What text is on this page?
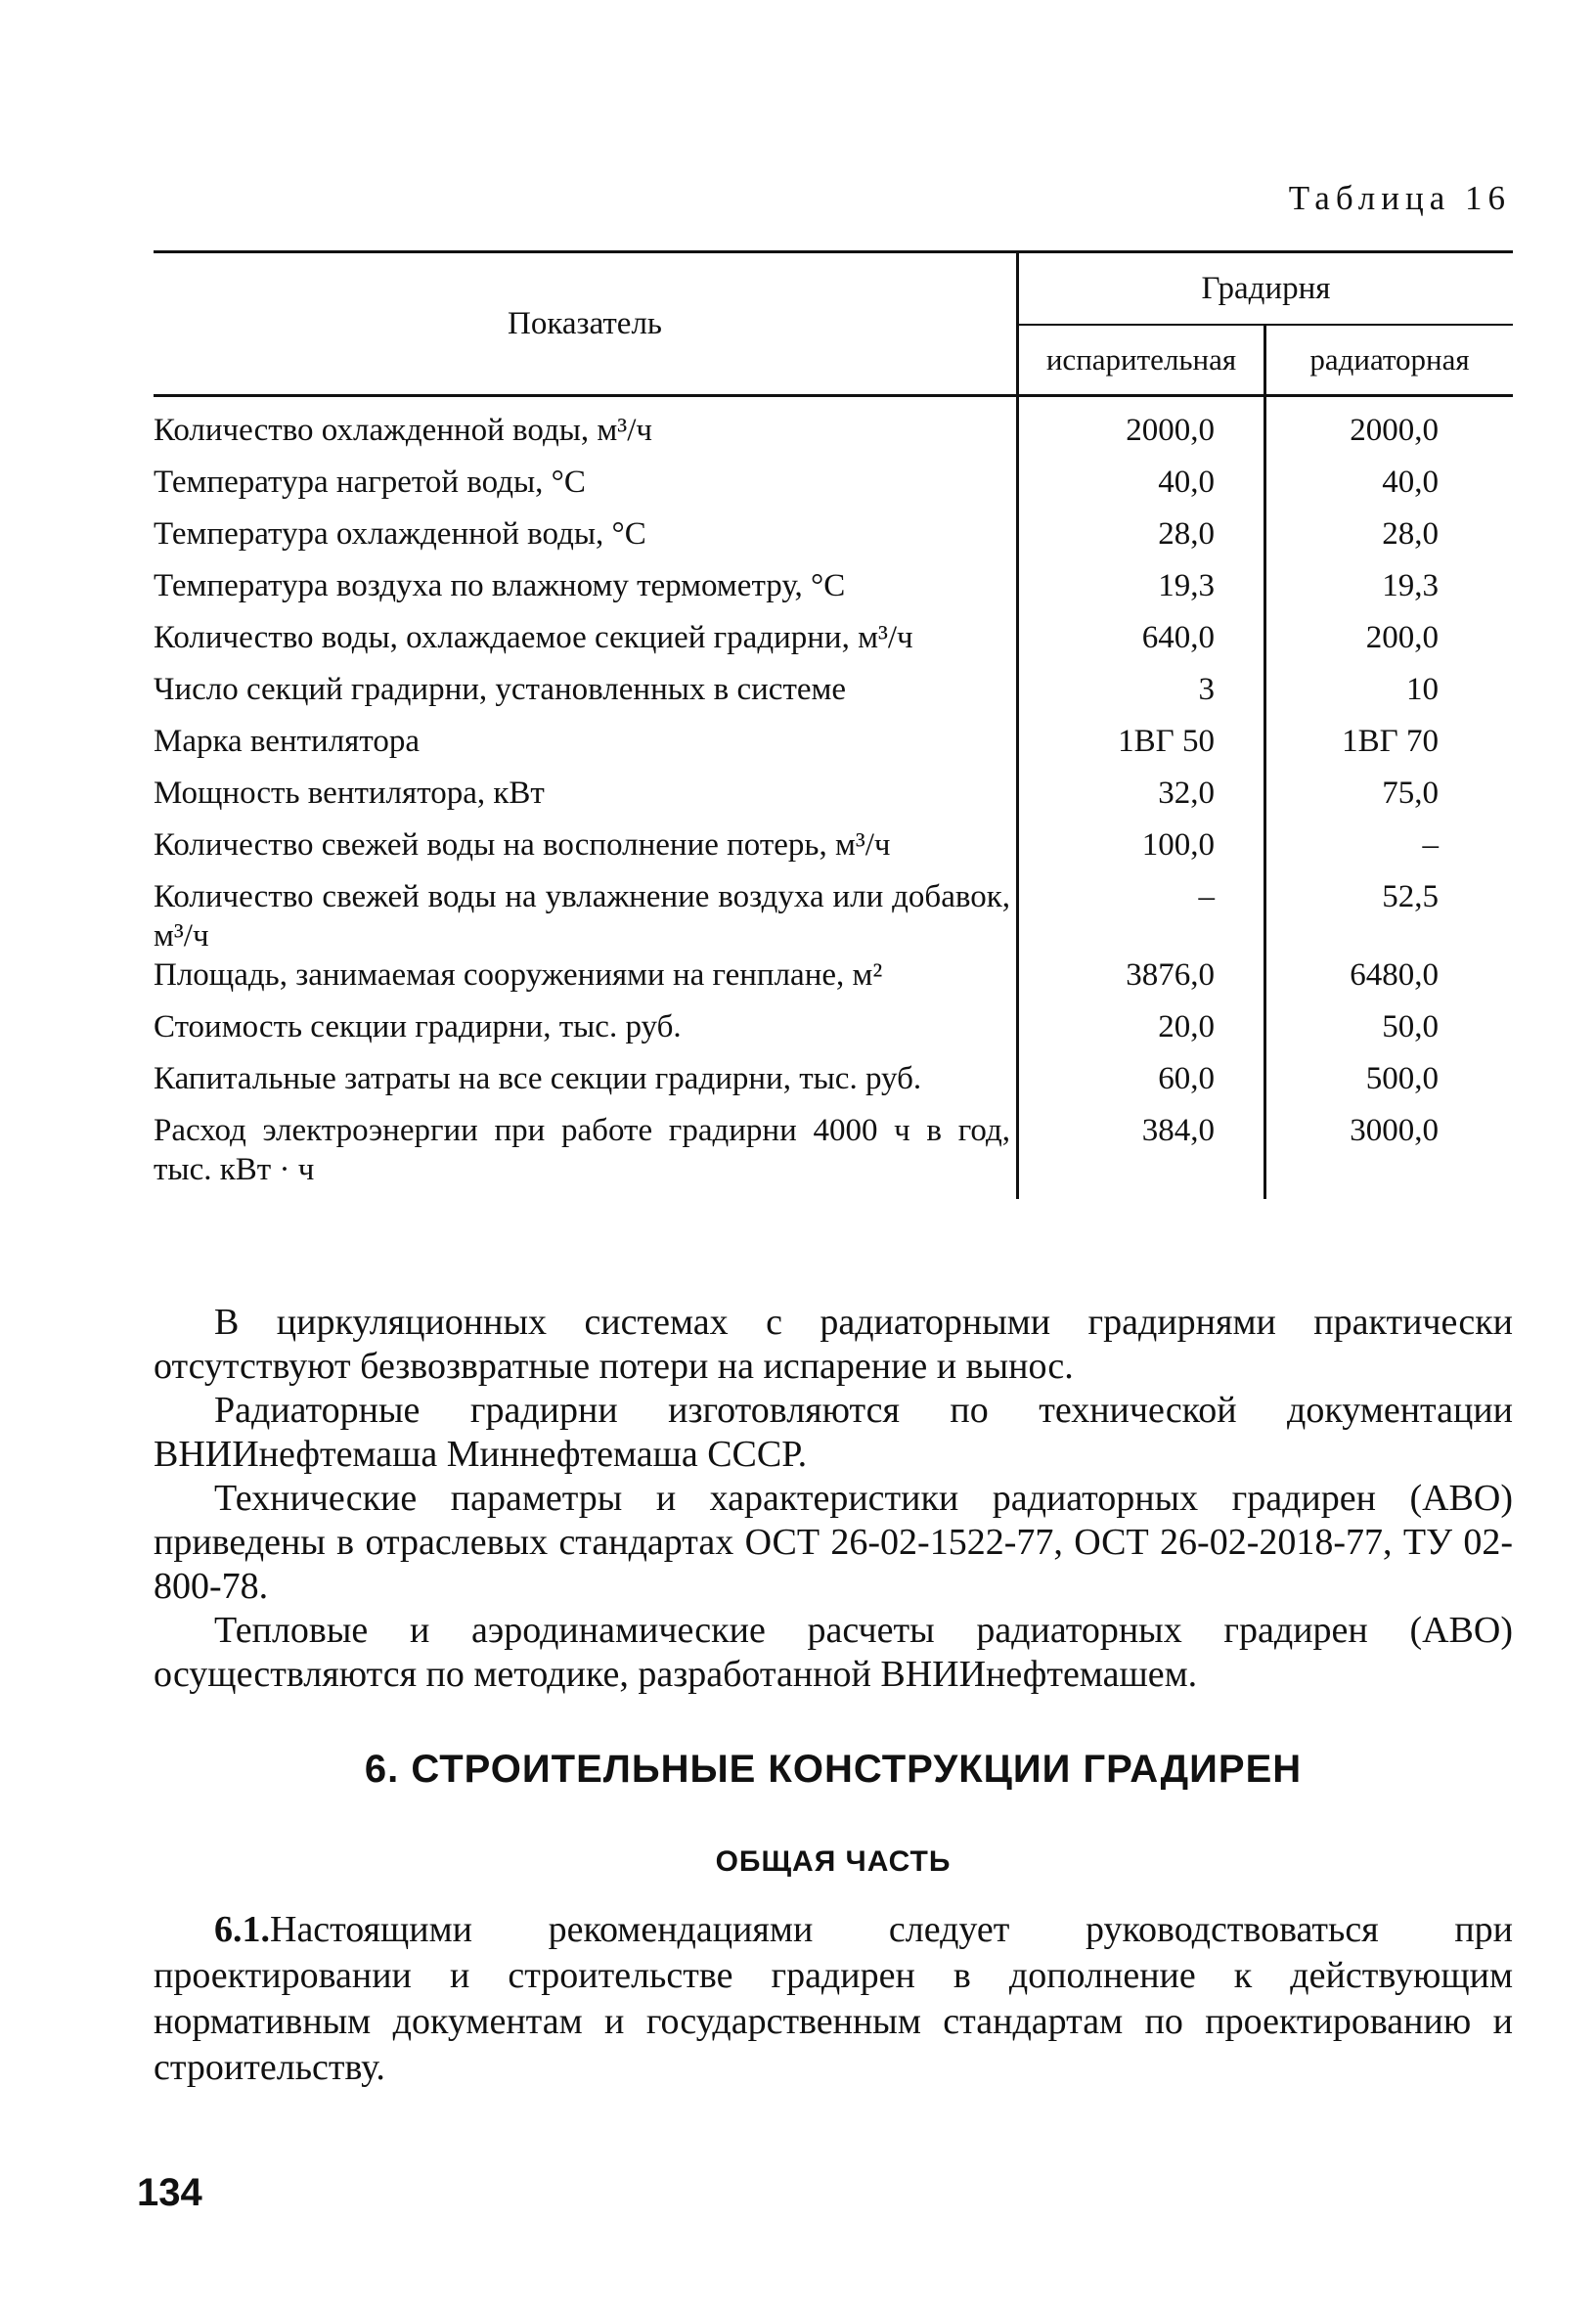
Таблица 16
Показатель	Градирня	
	испарительная	радиаторная
Количество охлажденной воды, м³/ч	2000,0	2000,0
Температура нагретой воды, °С	40,0	40,0
Температура охлажденной воды, °С	28,0	28,0
Температура воздуха по влажному термометру, °С	19,3	19,3
Количество воды, охлаждаемое секцией градирни, м³/ч	640,0	200,0
Число секций градирни, установленных в системе	3	10
Марка вентилятора	1ВГ 50	1ВГ 70
Мощность вентилятора, кВт	32,0	75,0
Количество свежей воды на восполнение потерь, м³/ч	100,0	–
Количество свежей воды на увлажнение воздуха или добавок, м³/ч	–	52,5
Площадь, занимаемая сооружениями на генплане, м²	3876,0	6480,0
Стоимость секции градирни, тыс. руб.	20,0	50,0
Капитальные затраты на все секции градирни, тыс. руб.	60,0	500,0
Расход электроэнергии при работе градирни 4000 ч в год, тыс. кВт · ч	384,0	3000,0

В циркуляционных системах с радиаторными градирнями практически отсутствуют безвозвратные потери на испарение и вынос.

Радиаторные градирни изготовляются по технической документации ВНИИнефтемаша Миннефтемаша СССР.

Технические параметры и характеристики радиаторных градирен (АВО) приведены в отраслевых стандартах ОСТ 26-02-1522-77, ОСТ 26-02-2018-77, ТУ 02-800-78.

Тепловые и аэродинамические расчеты радиаторных градирен (АВО) осуществляются по методике, разработанной ВНИИнефтемашем.

6. СТРОИТЕЛЬНЫЕ КОНСТРУКЦИИ ГРАДИРЕН
ОБЩАЯ ЧАСТЬ
6.1.Настоящими рекомендациями следует руководствоваться при проектировании и строительстве градирен в дополнение к действующим нормативным документам и государственным стандартам по проектированию и строительству.
134
